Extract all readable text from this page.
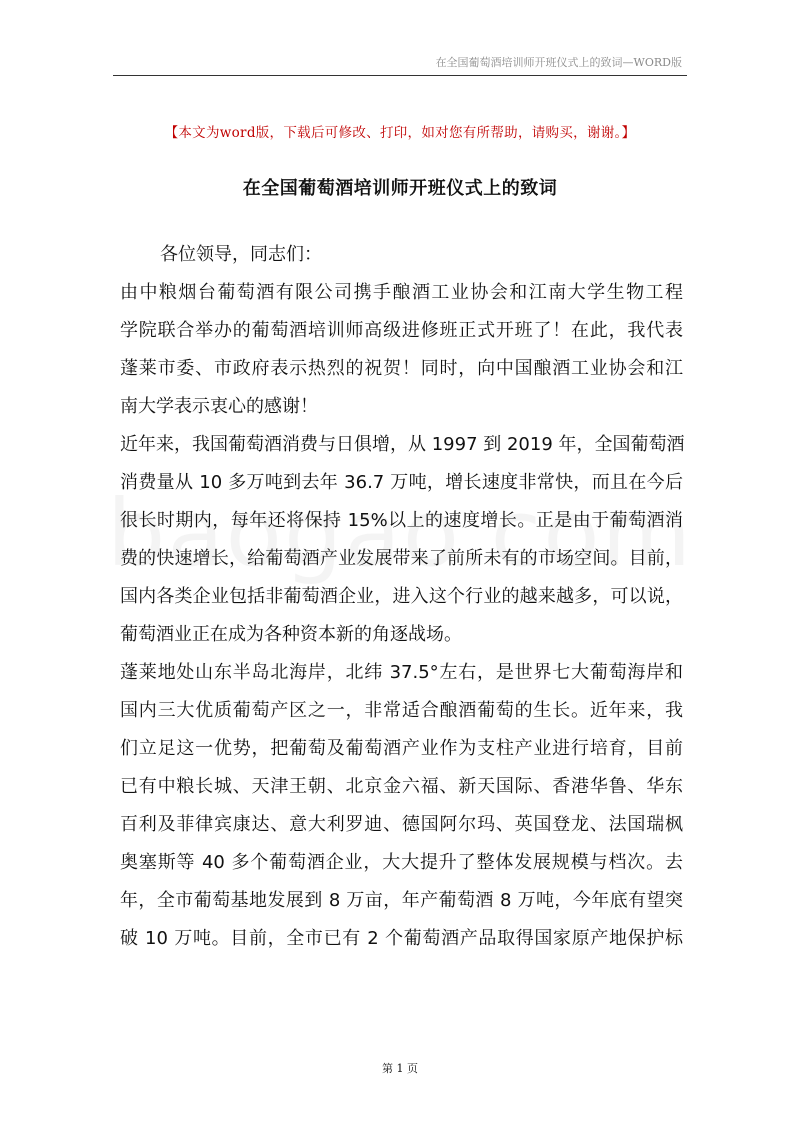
在全国葡萄酒培训师开班仪式上的致词—WORD版
【本文为word版，下载后可修改、打印，如对您有所帮助，请购买，谢谢。】
在全国葡萄酒培训师开班仪式上的致词
各位领导，同志们：
由中粮烟台葡萄酒有限公司携手酿酒工业协会和江南大学生物工程
学院联合举办的葡萄酒培训师高级进修班正式开班了！在此，我代表
蓬莱市委、市政府表示热烈的祝贺！同时，向中国酿酒工业协会和江
南大学表示衷心的感谢！
近年来，我国葡萄酒消费与日俱增，从 1997 到 2019 年，全国葡萄酒
消费量从 10 多万吨到去年 36.7 万吨，增长速度非常快，而且在今后
很长时期内，每年还将保持 15%以上的速度增长。正是由于葡萄酒消
费的快速增长，给葡萄酒产业发展带来了前所未有的市场空间。目前，
国内各类企业包括非葡萄酒企业，进入这个行业的越来越多，可以说，
葡萄酒业正在成为各种资本新的角逐战场。
蓬莱地处山东半岛北海岸，北纬 37.5°左右，是世界七大葡萄海岸和
国内三大优质葡萄产区之一，非常适合酿酒葡萄的生长。近年来，我
们立足这一优势，把葡萄及葡萄酒产业作为支柱产业进行培育，目前
已有中粮长城、天津王朝、北京金六福、新天国际、香港华鲁、华东
百利及菲律宾康达、意大利罗迪、德国阿尔玛、英国登龙、法国瑞枫
奥塞斯等 40 多个葡萄酒企业，大大提升了整体发展规模与档次。去
年，全市葡萄基地发展到 8 万亩，年产葡萄酒 8 万吨，今年底有望突
破 10 万吨。目前，全市已有 2 个葡萄酒产品取得国家原产地保护标
第 1 页
